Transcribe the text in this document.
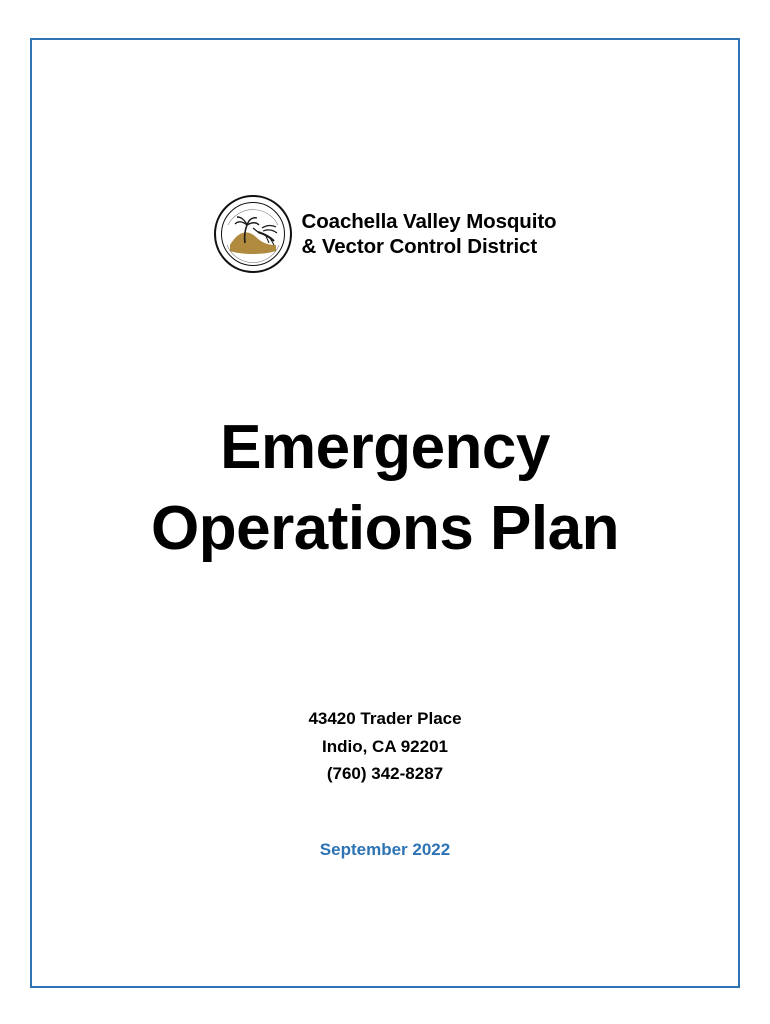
Coachella Valley Mosquito
& Vector Control District
Emergency
Operations Plan
43420 Trader Place
Indio, CA 92201
(760) 342-8287
September 2022
